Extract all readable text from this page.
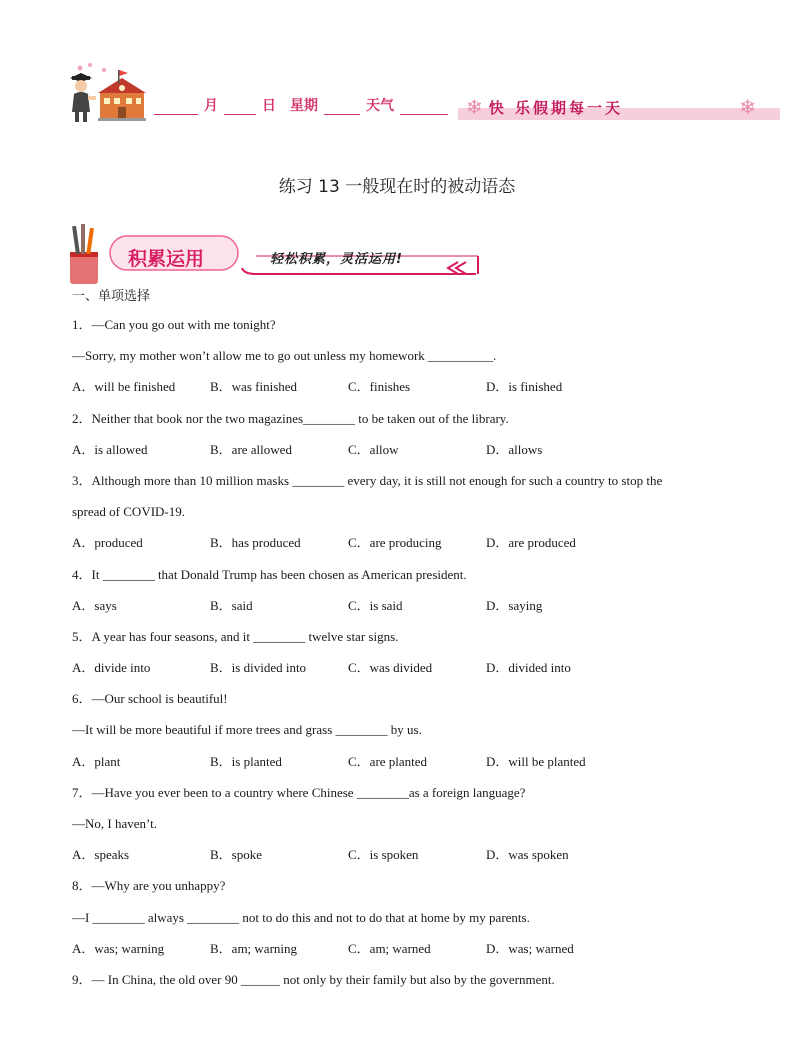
月	日 星期	天气	❄ 快 乐假期每一天	❄
练习 13 一般现在时的被动语态
积累运用	轻松积累，灵活运用!
一、单项选择
1．—Can you go out with me tonight?
—Sorry, my mother won’t allow me to go out unless my homework __________.
A．will be finished	B．was finished	C．finishes	D．is finished
2．Neither that book nor the two magazines________ to be taken out of the library.
A．is allowed	B．are allowed	C．allow	D．allows
3．Although more than 10 million masks ________ every day, it is still not enough for such a country to stop the
spread of COVID-19.
A．produced	B．has produced	C．are producing	D．are produced
4．It ________ that Donald Trump has been chosen as American president.
A．says	B．said	C．is said	D．saying
5．A year has four seasons, and it ________ twelve star signs.
A．divide into	B．is divided into	C．was divided	D．divided into
6．—Our school is beautiful!
—It will be more beautiful if more trees and grass ________ by us.
A．plant	B．is planted	C．are planted	D．will be planted
7．—Have you ever been to a country where Chinese ________as a foreign language?
—No, I haven’t.
A．speaks	B．spoke	C．is spoken	D．was spoken
8．—Why are you unhappy?
—I ________ always ________ not to do this and not to do that at home by my parents.
A．was; warning	B．am; warning	C．am; warned	D．was; warned
9．— In China, the old over 90 ______ not only by their family but also by the government.
